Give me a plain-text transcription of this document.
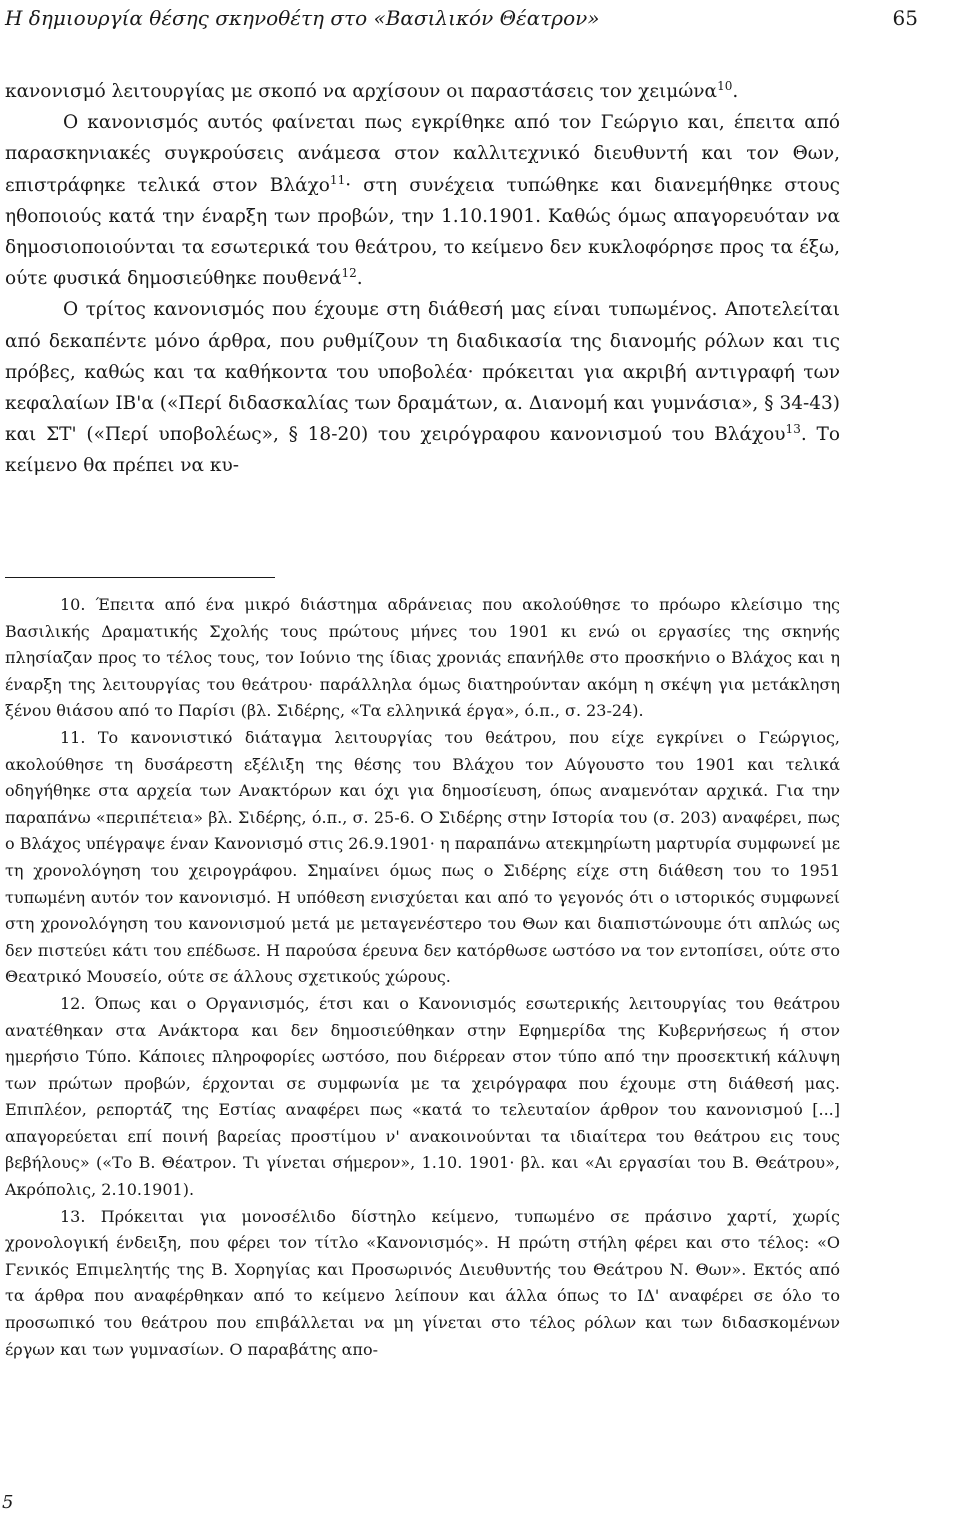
Η δημιουργία θέσης σκηνοθέτη στο «Βασιλικόν Θέατρον»	65

κανονισμό λειτουργίας με σκοπό να αρχίσουν οι παραστάσεις τον χειμώνα$^{10}$.

Ο κανονισμός αυτός φαίνεται πως εγκρίθηκε από τον Γεώργιο και, έπειτα από παρασκηνιακές συγκρούσεις ανάμεσα στον καλλιτεχνικό διευθυντή και τον Θων, επιστράφηκε τελικά στον Βλάχο$^{11}$· στη συνέχεια τυπώθηκε και διανεμήθηκε στους ηθοποιούς κατά την έναρξη των προβών, την 1.10.1901. Καθώς όμως απαγορευόταν να δημοσιοποιούνται τα εσωτερικά του θεάτρου, το κείμενο δεν κυκλοφόρησε προς τα έξω, ούτε φυσικά δημοσιεύθηκε πουθενά$^{12}$.

Ο τρίτος κανονισμός που έχουμε στη διάθεσή μας είναι τυπωμένος. Αποτελείται από δεκαπέντε μόνο άρθρα, που ρυθμίζουν τη διαδικασία της διανομής ρόλων και τις πρόβες, καθώς και τα καθήκοντα του υποβολέα· πρόκειται για ακριβή αντιγραφή των κεφαλαίων ΙΒ'α («Περί διδασκαλίας των δραμάτων, α. Διανομή και γυμνάσια», § 34-43) και ΣΤ' («Περί υποβολέως», § 18-20) του χειρόγραφου κανονισμού του Βλάχου$^{13}$. Το κείμενο θα πρέπει να κυ-

10. Έπειτα από ένα μικρό διάστημα αδράνειας που ακολούθησε το πρόωρο κλείσιμο της Βασιλικής Δραματικής Σχολής τους πρώτους μήνες του 1901 κι ενώ οι εργασίες της σκηνής πλησίαζαν προς το τέλος τους, τον Ιούνιο της ίδιας χρονιάς επανήλθε στο προσκήνιο ο Βλάχος και η έναρξη της λειτουργίας του θεάτρου· παράλληλα όμως διατηρούνταν ακόμη η σκέψη για μετάκληση ξένου θιάσου από το Παρίσι (βλ. Σιδέρης, «Τα ελληνικά έργα», ό.π., σ. 23-24).

11. Το κανονιστικό διάταγμα λειτουργίας του θεάτρου, που είχε εγκρίνει ο Γεώργιος, ακολούθησε τη δυσάρεστη εξέλιξη της θέσης του Βλάχου τον Αύγουστο του 1901 και τελικά οδηγήθηκε στα αρχεία των Ανακτόρων και όχι για δημοσίευση, όπως αναμενόταν αρχικά. Για την παραπάνω «περιπέτεια» βλ. Σιδέρης, ό.π., σ. 25-6. Ο Σιδέρης στην Ιστορία του (σ. 203) αναφέρει, πως ο Βλάχος υπέγραψε έναν Κανονισμό στις 26.9.1901· η παραπάνω ατεκμηρίωτη μαρτυρία συμφωνεί με τη χρονολόγηση του χειρογράφου. Σημαίνει όμως πως ο Σιδέρης είχε στη διάθεση του το 1951 τυπωμένη αυτόν τον κανονισμό. Η υπόθεση ενισχύεται και από το γεγονός ότι ο ιστορικός συμφωνεί στη χρονολόγηση του κανονισμού μετά με μεταγενέστερο του Θων και διαπιστώνουμε ότι απλώς ως δεν πιστεύει κάτι του επέδωσε. Η παρούσα έρευνα δεν κατόρθωσε ωστόσο να τον εντοπίσει, ούτε στο Θεατρικό Μουσείο, ούτε σε άλλους σχετικούς χώρους.

12. Όπως και ο Οργανισμός, έτσι και ο Κανονισμός εσωτερικής λειτουργίας του θεάτρου ανατέθηκαν στα Ανάκτορα και δεν δημοσιεύθηκαν στην Εφημερίδα της Κυβερνήσεως ή στον ημερήσιο Τύπο. Κάποιες πληροφορίες ωστόσο, που διέρρεαν στον τύπο από την προσεκτική κάλυψη των πρώτων προβών, έρχονται σε συμφωνία με τα χειρόγραφα που έχουμε στη διάθεσή μας. Επιπλέον, ρεπορτάζ της Εστίας αναφέρει πως «κατά το τελευταίον άρθρον του κανονισμού [...] απαγορεύεται επί ποινή βαρείας προστίμου ν' ανακοινούνται τα ιδιαίτερα του θεάτρου εις τους βεβήλους» («Το Β. Θέατρον. Τι γίνεται σήμερον», 1.10. 1901· βλ. και «Αι εργασίαι του Β. Θεάτρου», Ακρόπολις, 2.10.1901).

13. Πρόκειται για μονοσέλιδο δίστηλο κείμενο, τυπωμένο σε πράσινο χαρτί, χωρίς χρονολογική ένδειξη, που φέρει τον τίτλο «Κανονισμός». Η πρώτη στήλη φέρει και στο τέλος: «Ο Γενικός Επιμελητής της Β. Χορηγίας και Προσωρινός Διευθυντής του Θεάτρου Ν. Θων». Εκτός από τα άρθρα που αναφέρθηκαν από το κείμενο λείπουν και άλλα όπως το ΙΔ' αναφέρει σε όλο το προσωπικό του θεάτρου που επιβάλλεται να μη γίνεται στο τέλος ρόλων και των διδασκομένων έργων και των γυμνασίων. Ο παραβάτης απο-

5
